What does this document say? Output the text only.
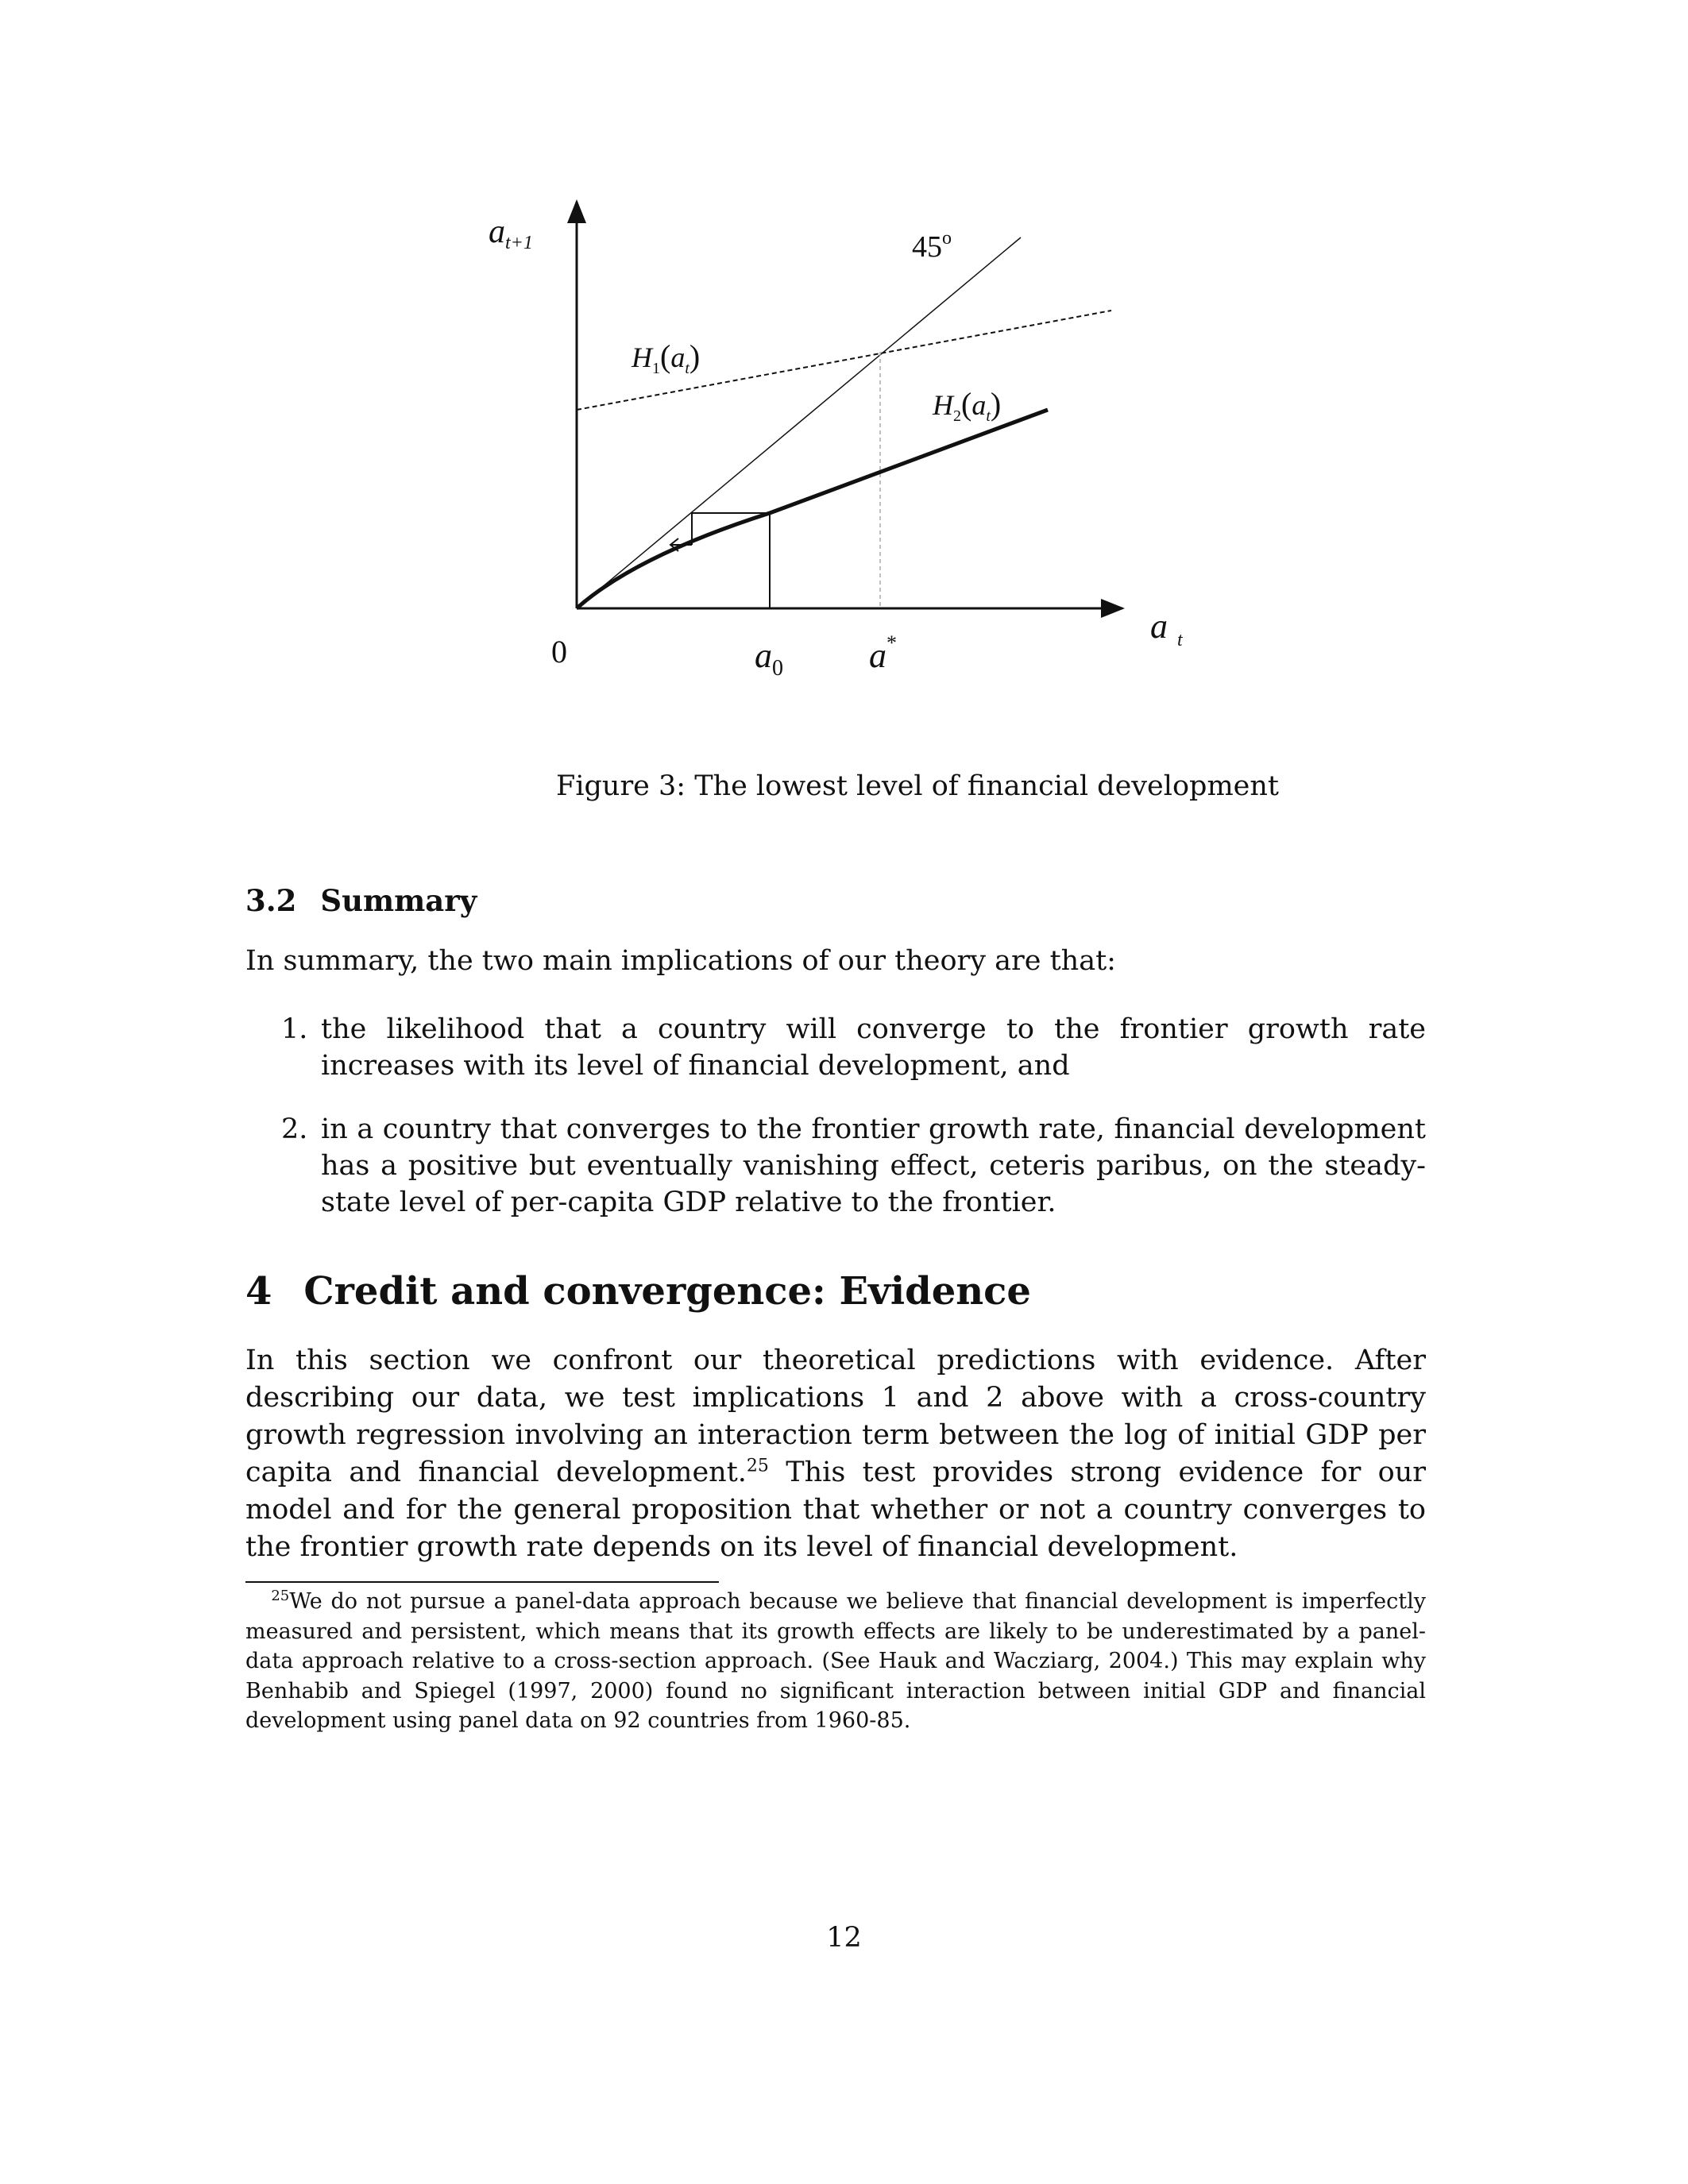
at+1	45$^o$
$H_1(a_t)$
$H_2(a_t)$
0	$a_0$ a*	a $_t$
Figure 3: The lowest level of financial development
3.2 Summary
In summary, the two main implications of our theory are that:
1. the likelihood that a country will converge to the frontier growth rate increases with its level of financial development, and
2. in a country that converges to the frontier growth rate, financial development has a positive but eventually vanishing effect, ceteris paribus, on the steady-state level of per-capita GDP relative to the frontier.
4 Credit and convergence: Evidence
In this section we confront our theoretical predictions with evidence. After describing our data, we test implications 1 and 2 above with a cross-country growth regression involving an interaction term between the log of initial GDP per capita and financial development.$^{25}$ This test provides strong evidence for our model and for the general proposition that whether or not a country converges to the frontier growth rate depends on its level of financial development.
$^{25}$We do not pursue a panel-data approach because we believe that financial development is imperfectly measured and persistent, which means that its growth effects are likely to be underestimated by a panel-data approach relative to a cross-section approach. (See Hauk and Wacziarg, 2004.) This may explain why Benhabib and Spiegel (1997, 2000) found no significant interaction between initial GDP and financial development using panel data on 92 countries from 1960-85.
12
